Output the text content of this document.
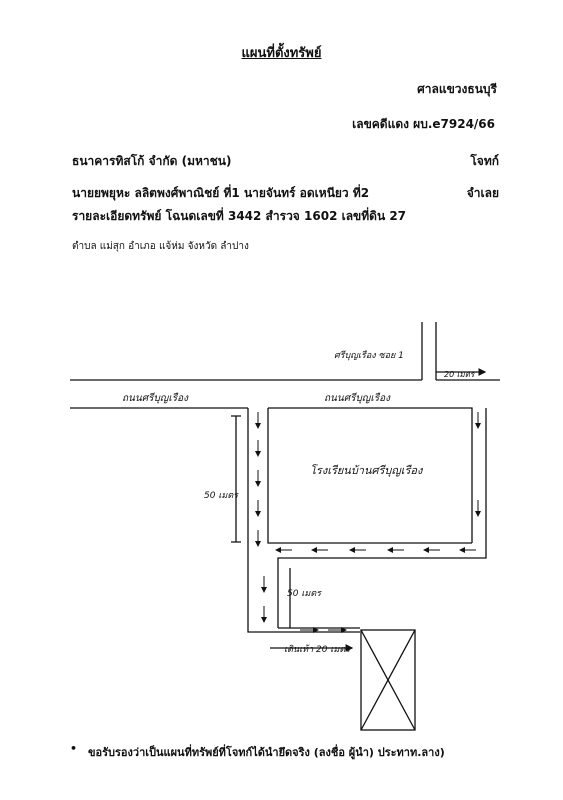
แผนที่ตั้งทรัพย์
ศาลแขวงธนบุรี
เลขคดีแดง ผบ.e7924/66
ธนาคารทิสโก้ จำกัด (มหาชน)	โจทก์
นายยพยุหะ ลลิตพงศ์พาณิชย์ ที่1 นายจันทร์ อดเหนียว ที่2	จำเลย
รายละเอียดทรัพย์ โฉนดเลขที่ 3442 สำรวจ 1602 เลขที่ดิน 27
ตำบล แม่สุก อำเภอ แจ้ห่ม จังหวัด ลำปาง
ถนนศรีบุญเรือง	ถนนศรีบุญเรือง
ศรีบุญเรือง ซอย 1
20 เมตร
โรงเรียนบ้านศรีบุญเรือง
50 เมตร
50 เมตร
เดินเท้า 20 เมตร
• ขอรับรองว่าเป็นแผนที่ทรัพย์ที่โจทก์ได้นำยึดจริง (ลงชื่อ ผู้นำ) ประทาท.ลาง)
